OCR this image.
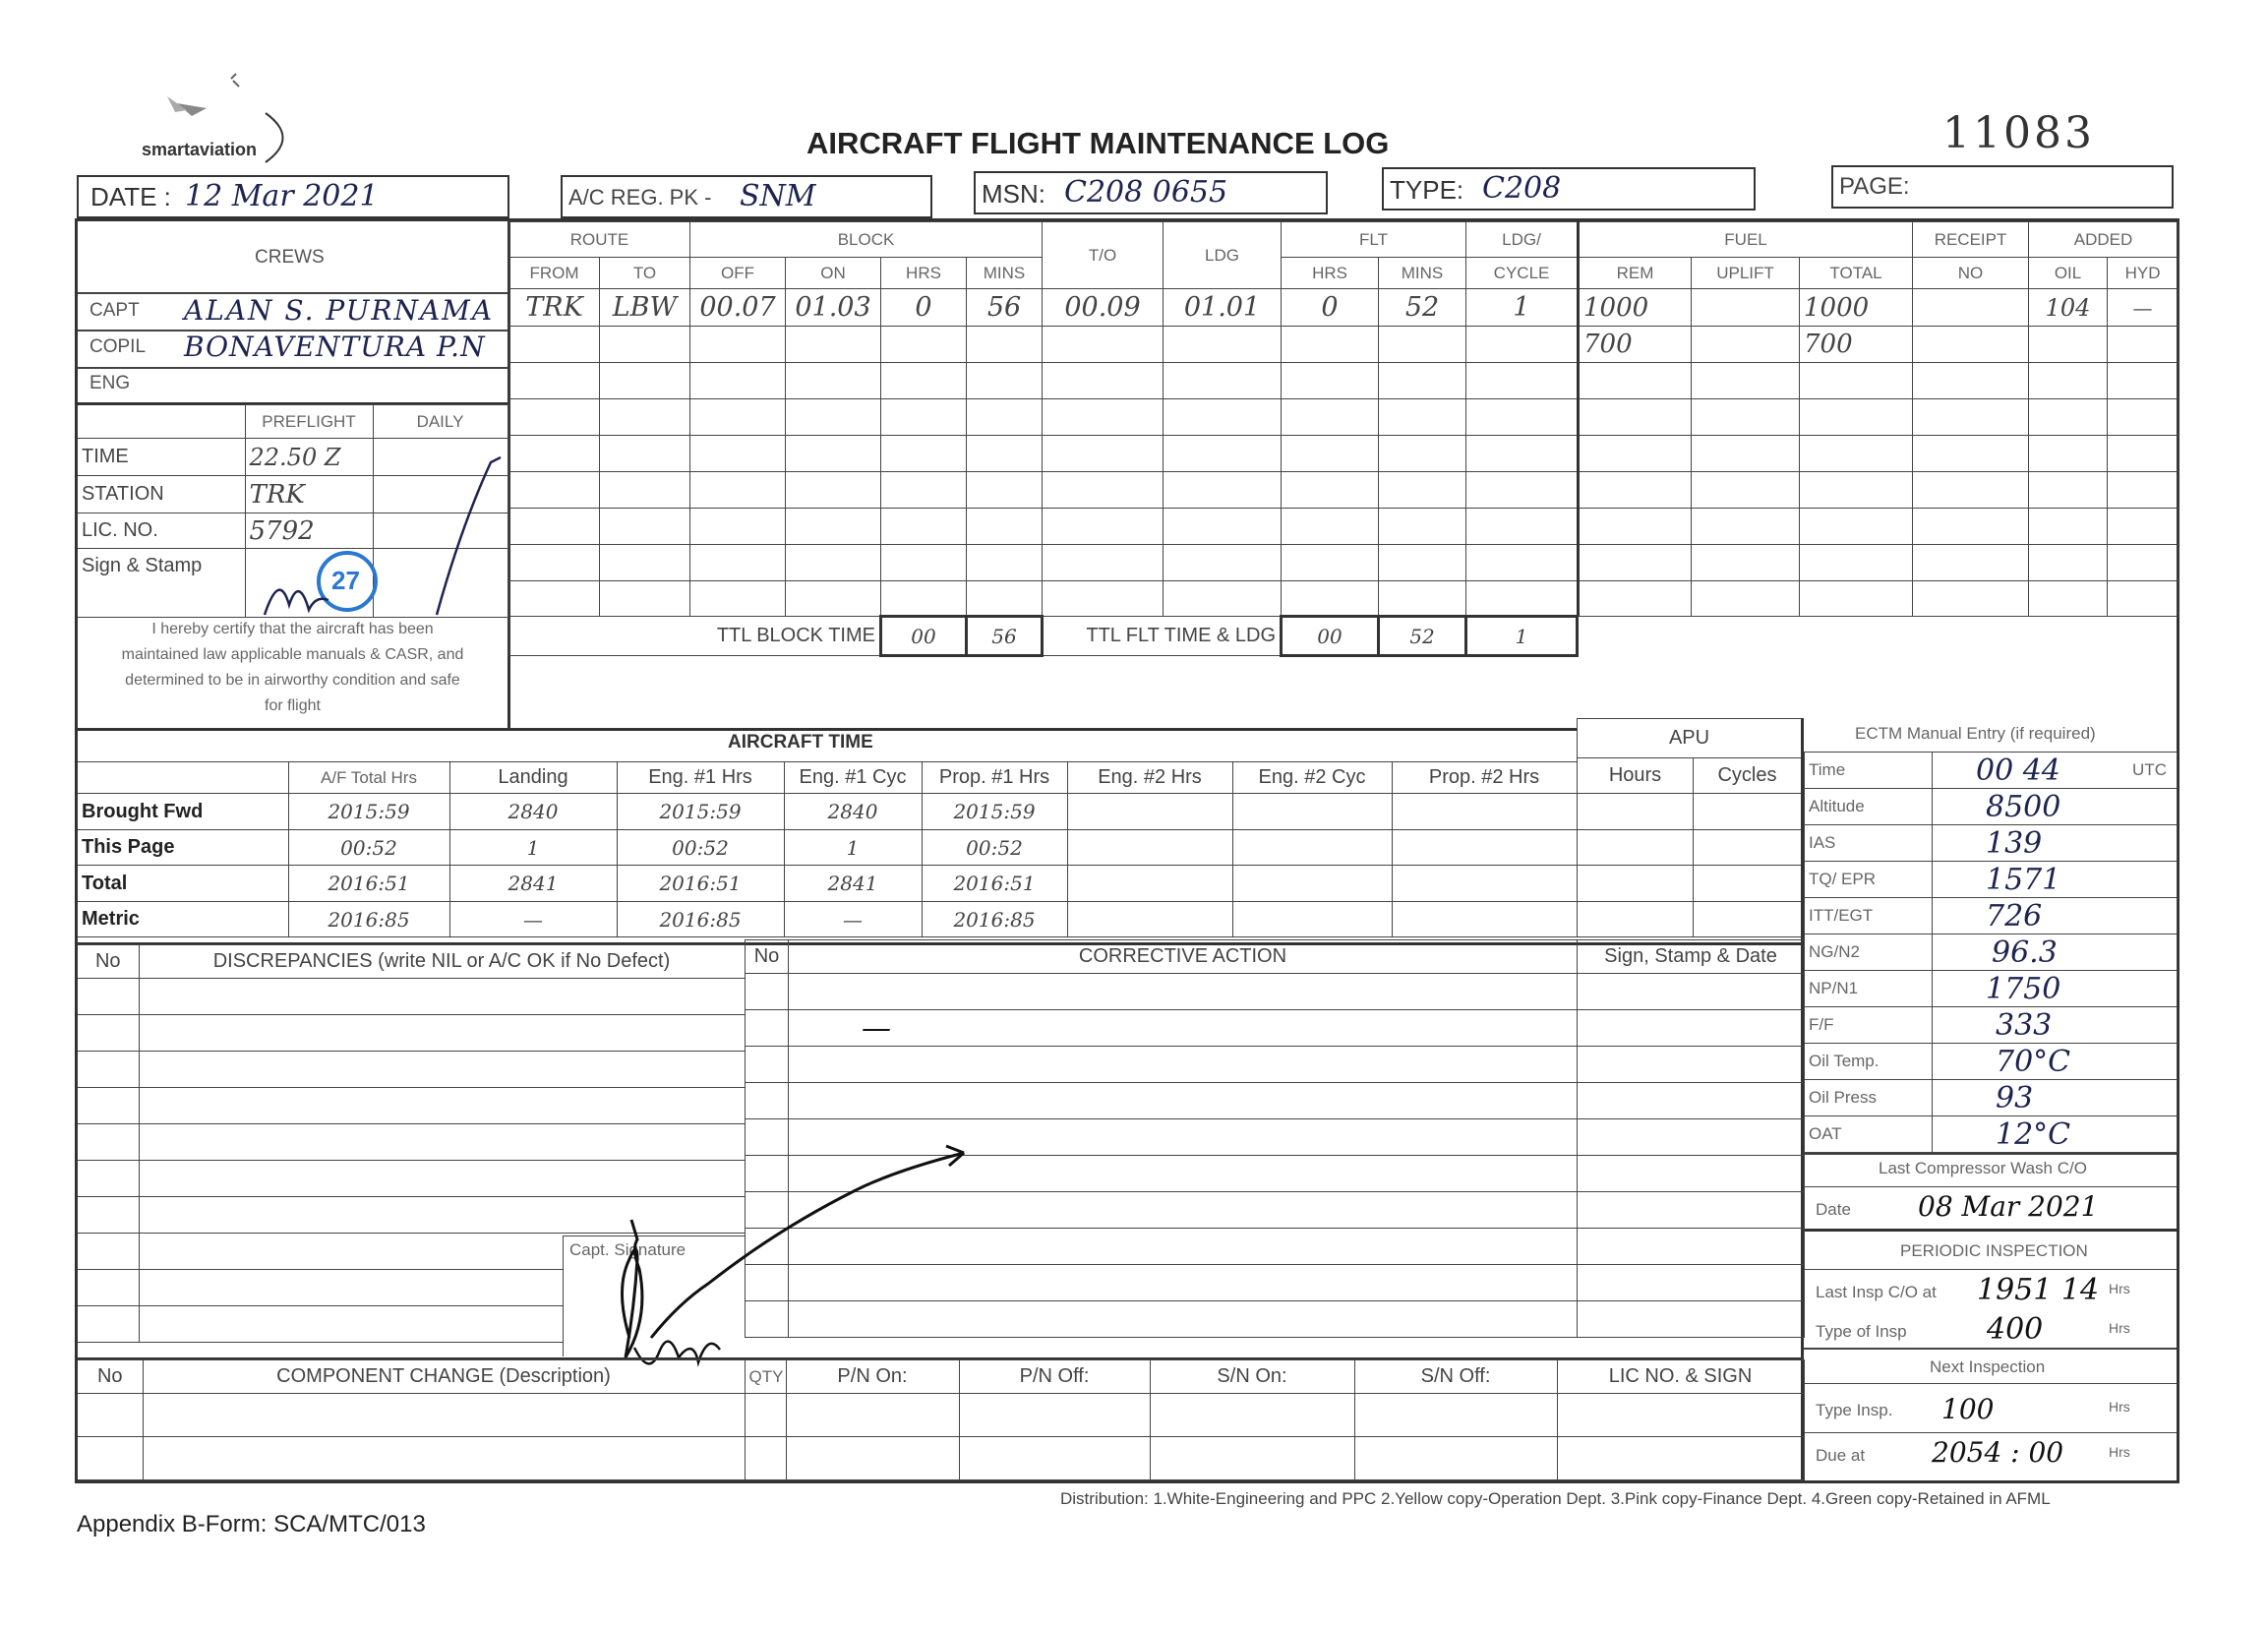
smartaviation	AIRCRAFT FLIGHT MAINTENANCE LOG	11083
DATE : 12 Mar 2021	A/C REG. PK - SNM	MSN: C208 0655	TYPE: C208	PAGE:
CREWS
CAPT ALAN S. PURNAMA
COPIL BONAVENTURA P.N
ENG
	PREFLIGHT	DAILY
TIME	22.50 Z	
STATION	TRK	
LIC. NO.	5792	
Sign & Stamp			27
I hereby certify that the aircraft has been
maintained law applicable manuals & CASR, and
determined to be in airworthy condition and safe
for flight
ROUTE		BLOCK				T/O	LDG	FLT		LDG/
FROM	TO	OFF	ON	HRS	MINS			HRS	MINS	CYCLE
TRK	LBW	00.07	01.03	0	56	00.09	01.01	0	52	1

TTL BLOCK TIME				00	56	TTL FLT TIME & LDG		00	52	1
FUEL			RECEIPT	ADDED	
REM	UPLIFT	TOTAL	NO	OIL	HYD
1000		1000		104	—
700		700			

AIRCRAFT TIME
	A/F Total Hrs	Landing	Eng. #1 Hrs	Eng. #1 Cyc	Prop. #1 Hrs	Eng. #2 Hrs	Eng. #2 Cyc	Prop. #2 Hrs
Brought Fwd	2015:59	2840	2015:59	2840	2015:59			
This Page	00:52	1	00:52	1	00:52			
Total	2016:51	2841	2016:51	2841	2016:51			
Metric	2016:85	—	2016:85	—	2016:85			
APU	
Hours	Cycles

ECTM Manual Entry (if required)
Time	00 44 UTC

Altitude	8500
IAS	139
TQ/ EPR	1571
ITT/EGT	726
NG/N2	96.3
NP/N1	1750
F/F	333
Oil Temp.	70°C
Oil Press	93
OAT	12°C
Last Compressor Wash C/O
Date 08 Mar 2021
PERIODIC INSPECTION
Last Insp C/O at 1951 14 Hrs
Type of Insp	400	Hrs
Next Inspection
Type Insp. 100	Hrs
Due at 2054 : 00	Hrs
No	DISCREPANCIES (write NIL or A/C OK if No Defect)

Capt. Signature
No	CORRECTIVE ACTION

	—

Sign, Stamp & Date

No	COMPONENT CHANGE (Description)	QTY	P/N On:	P/N Off:	S/N On:	S/N Off:	LIC NO. & SIGN

Appendix B-Form: SCA/MTC/013
Distribution: 1.White-Engineering and PPC 2.Yellow copy-Operation Dept. 3.Pink copy-Finance Dept. 4.Green copy-Retained in AFML
